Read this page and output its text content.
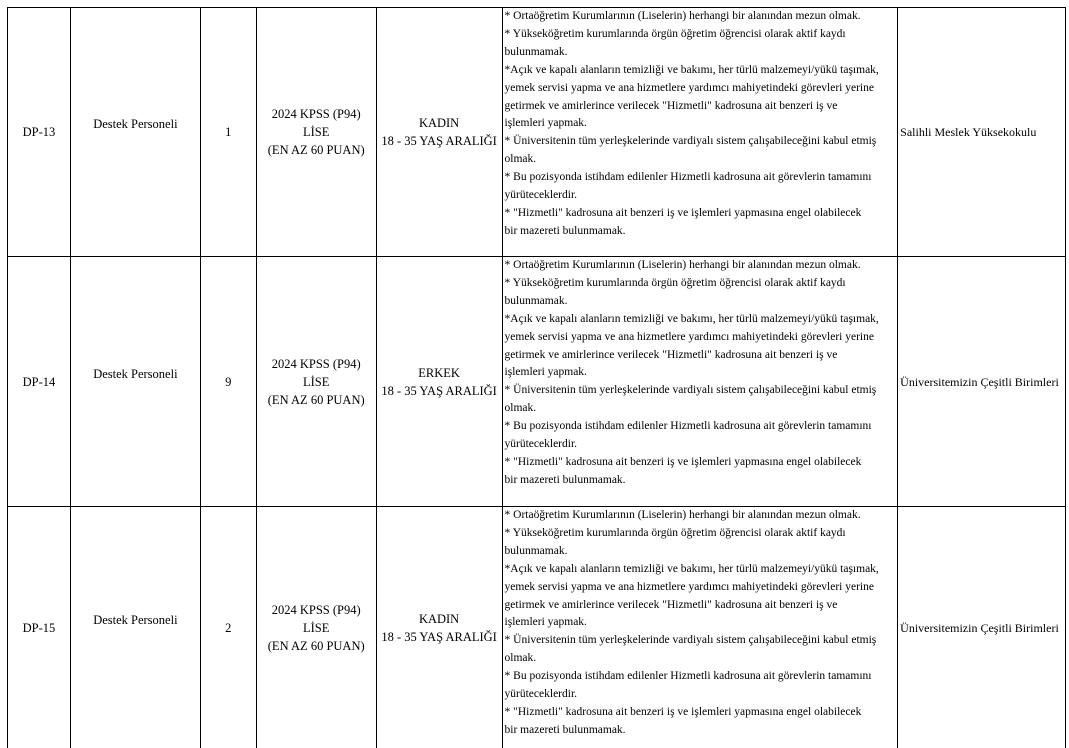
DP-13
Destek Personeli
1
2024 KPSS (P94)
LİSE
(EN AZ 60 PUAN)
KADIN
18 - 35 YAŞ ARALIĞI
* Ortaöğretim Kurumlarının (Liselerin) herhangi bir alanından mezun olmak.
* Yükseköğretim kurumlarında örgün öğretim öğrencisi olarak aktif kaydı
bulunmamak.
*Açık ve kapalı alanların temizliği ve bakımı, her türlü malzemeyi/yükü taşımak,
yemek servisi yapma ve ana hizmetlere yardımcı mahiyetindeki görevleri yerine
getirmek ve amirlerince verilecek "Hizmetli" kadrosuna ait benzeri iş ve
işlemleri yapmak.
* Üniversitenin tüm yerleşkelerinde vardiyalı sistem çalışabileceğini kabul etmiş
olmak.
* Bu pozisyonda istihdam edilenler Hizmetli kadrosuna ait görevlerin tamamını
yürüteceklerdir.
* "Hizmetli" kadrosuna ait benzeri iş ve işlemleri yapmasına engel olabilecek
bir mazereti bulunmamak.
Salihli Meslek Yüksekokulu
DP-14
Destek Personeli
9
2024 KPSS (P94)
LİSE
(EN AZ 60 PUAN)
ERKEK
18 - 35 YAŞ ARALIĞI
* Ortaöğretim Kurumlarının (Liselerin) herhangi bir alanından mezun olmak.
* Yükseköğretim kurumlarında örgün öğretim öğrencisi olarak aktif kaydı
bulunmamak.
*Açık ve kapalı alanların temizliği ve bakımı, her türlü malzemeyi/yükü taşımak,
yemek servisi yapma ve ana hizmetlere yardımcı mahiyetindeki görevleri yerine
getirmek ve amirlerince verilecek "Hizmetli" kadrosuna ait benzeri iş ve
işlemleri yapmak.
* Üniversitenin tüm yerleşkelerinde vardiyalı sistem çalışabileceğini kabul etmiş
olmak.
* Bu pozisyonda istihdam edilenler Hizmetli kadrosuna ait görevlerin tamamını
yürüteceklerdir.
* "Hizmetli" kadrosuna ait benzeri iş ve işlemleri yapmasına engel olabilecek
bir mazereti bulunmamak.
Üniversitemizin Çeşitli Birimleri
DP-15
Destek Personeli
2
2024 KPSS (P94)
LİSE
(EN AZ 60 PUAN)
KADIN
18 - 35 YAŞ ARALIĞI
* Ortaöğretim Kurumlarının (Liselerin) herhangi bir alanından mezun olmak.
* Yükseköğretim kurumlarında örgün öğretim öğrencisi olarak aktif kaydı
bulunmamak.
*Açık ve kapalı alanların temizliği ve bakımı, her türlü malzemeyi/yükü taşımak,
yemek servisi yapma ve ana hizmetlere yardımcı mahiyetindeki görevleri yerine
getirmek ve amirlerince verilecek "Hizmetli" kadrosuna ait benzeri iş ve
işlemleri yapmak.
* Üniversitenin tüm yerleşkelerinde vardiyalı sistem çalışabileceğini kabul etmiş
olmak.
* Bu pozisyonda istihdam edilenler Hizmetli kadrosuna ait görevlerin tamamını
yürüteceklerdir.
* "Hizmetli" kadrosuna ait benzeri iş ve işlemleri yapmasına engel olabilecek
bir mazereti bulunmamak.
Üniversitemizin Çeşitli Birimleri
